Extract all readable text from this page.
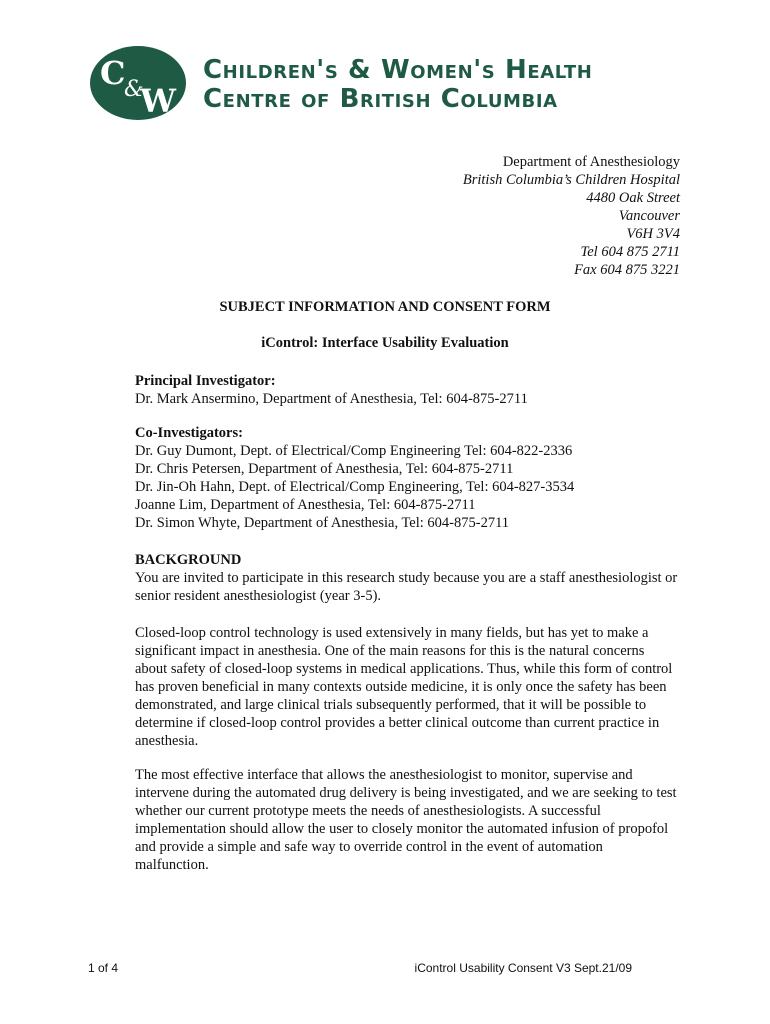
C
&
W
Children's & Women's Health
Centre of British Columbia
Department of Anesthesiology
British Columbia’s Children Hospital
4480 Oak Street
Vancouver
V6H 3V4
Tel 604 875 2711
Fax 604 875 3221
SUBJECT INFORMATION AND CONSENT FORM
iControl: Interface Usability Evaluation
Principal Investigator:
Dr. Mark Ansermino, Department of Anesthesia, Tel: 604-875-2711
Co-Investigators:
Dr. Guy Dumont, Dept. of Electrical/Comp Engineering Tel: 604-822-2336
Dr. Chris Petersen, Department of Anesthesia, Tel: 604-875-2711
Dr. Jin-Oh Hahn, Dept. of Electrical/Comp Engineering, Tel: 604-827-3534
Joanne Lim, Department of Anesthesia, Tel: 604-875-2711
Dr. Simon Whyte, Department of Anesthesia, Tel: 604-875-2711
BACKGROUND

You are invited to participate in this research study because you are a staff anesthesiologist or senior resident anesthesiologist (year 3-5).

Closed-loop control technology is used extensively in many fields, but has yet to make a significant impact in anesthesia. One of the main reasons for this is the natural concerns about safety of closed-loop systems in medical applications. Thus, while this form of control has proven beneficial in many contexts outside medicine, it is only once the safety has been demonstrated, and large clinical trials subsequently performed, that it will be possible to determine if closed-loop control provides a better clinical outcome than current practice in anesthesia.

The most effective interface that allows the anesthesiologist to monitor, supervise and intervene during the automated drug delivery is being investigated, and we are seeking to test whether our current prototype meets the needs of anesthesiologists. A successful implementation should allow the user to closely monitor the automated infusion of propofol and provide a simple and safe way to override control in the event of automation malfunction.

1 of 4	iControl Usability Consent V3 Sept.21/09
